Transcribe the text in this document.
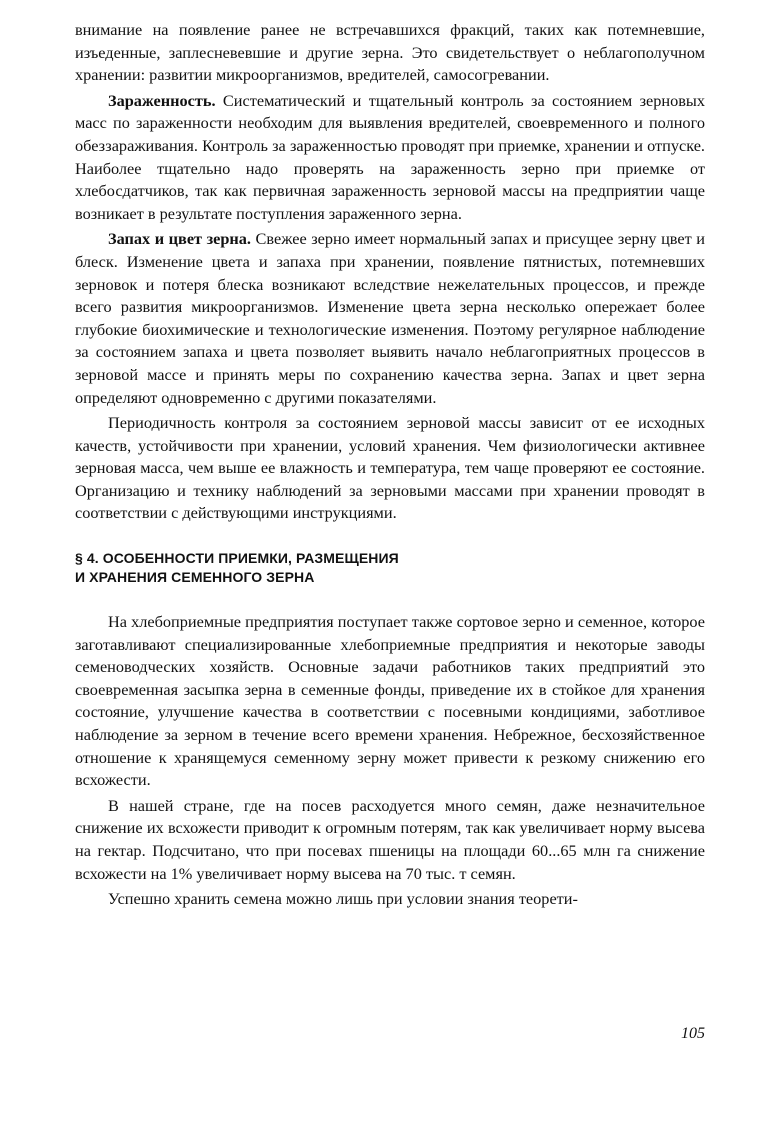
внимание на появление ранее не встречавшихся фракций, таких как потемневшие, изъеденные, заплесневевшие и другие зерна. Это свидетельствует о неблагополучном хранении: развитии микроорганизмов, вредителей, самосогревании.

Зараженность. Систематический и тщательный контроль за состоянием зерновых масс по зараженности необходим для выявления вредителей, своевременного и полного обеззараживания. Контроль за зараженностью проводят при приемке, хранении и отпуске. Наиболее тщательно надо проверять на зараженность зерно при приемке от хлебосдатчиков, так как первичная зараженность зерновой массы на предприятии чаще возникает в результате поступления зараженного зерна.

Запах и цвет зерна. Свежее зерно имеет нормальный запах и присущее зерну цвет и блеск. Изменение цвета и запаха при хранении, появление пятнистых, потемневших зерновок и потеря блеска возникают вследствие нежелательных процессов, и прежде всего развития микроорганизмов. Изменение цвета зерна несколько опережает более глубокие биохимические и технологические изменения. Поэтому регулярное наблюдение за состоянием запаха и цвета позволяет выявить начало неблагоприятных процессов в зерновой массе и принять меры по сохранению качества зерна. Запах и цвет зерна определяют одновременно с другими показателями.

Периодичность контроля за состоянием зерновой массы зависит от ее исходных качеств, устойчивости при хранении, условий хранения. Чем физиологически активнее зерновая масса, чем выше ее влажность и температура, тем чаще проверяют ее состояние. Организацию и технику наблюдений за зерновыми массами при хранении проводят в соответствии с действующими инструкциями.

§ 4. ОСОБЕННОСТИ ПРИЕМКИ, РАЗМЕЩЕНИЯ
И ХРАНЕНИЯ СЕМЕННОГО ЗЕРНА

На хлебоприемные предприятия поступает также сортовое зерно и семенное, которое заготавливают специализированные хлебоприемные предприятия и некоторые заводы семеноводческих хозяйств. Основные задачи работников таких предприятий это своевременная засыпка зерна в семенные фонды, приведение их в стойкое для хранения состояние, улучшение качества в соответствии с посевными кондициями, заботливое наблюдение за зерном в течение всего времени хранения. Небрежное, бесхозяйственное отношение к хранящемуся семенному зерну может привести к резкому снижению его всхожести.

В нашей стране, где на посев расходуется много семян, даже незначительное снижение их всхожести приводит к огромным потерям, так как увеличивает норму высева на гектар. Подсчитано, что при посевах пшеницы на площади 60...65 млн га снижение всхожести на 1% увеличивает норму высева на 70 тыс. т семян.

Успешно хранить семена можно лишь при условии знания теорети-

105
